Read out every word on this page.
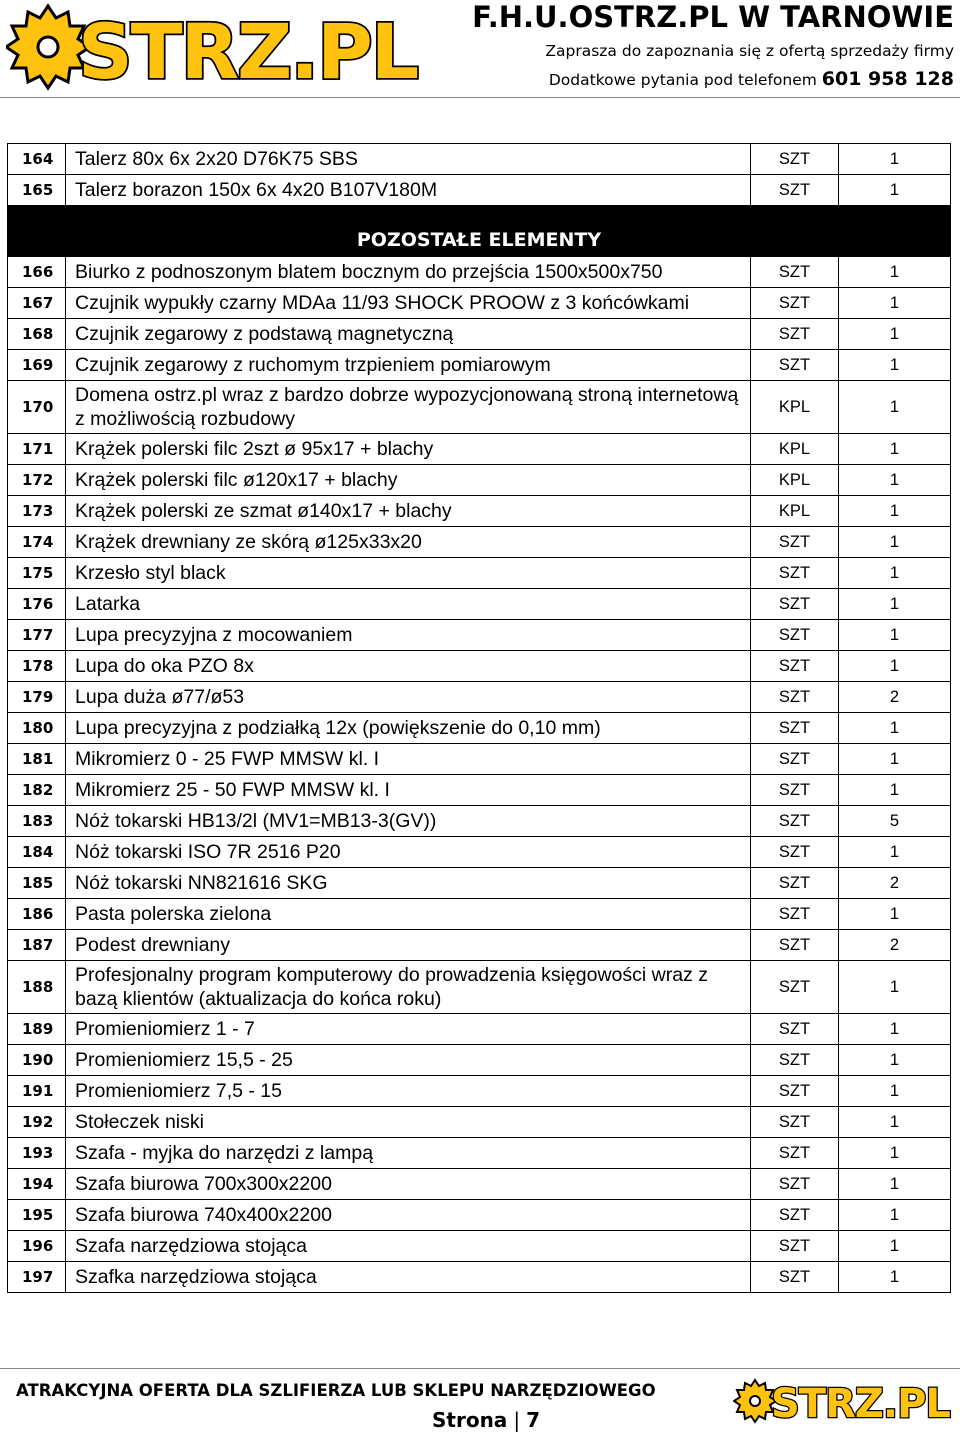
STRZ.PL F.H.U.OSTRZ.PL W TARNOWIE
Zaprasza do zapoznania się z ofertą sprzedaży firmy
Dodatkowe pytania pod telefonem 601 958 128
164	Talerz 80x 6x 2x20 D76K75 SBS	SZT	1
165	Talerz borazon 150x 6x 4x20 B107V180M	SZT	1
POZOSTAŁE ELEMENTY			
166	Biurko z podnoszonym blatem bocznym do przejścia 1500x500x750	SZT	1
167	Czujnik wypukły czarny MDAa 11/93 SHOCK PROOW z 3 końcówkami	SZT	1
168	Czujnik zegarowy z podstawą magnetyczną	SZT	1
169	Czujnik zegarowy z ruchomym trzpieniem pomiarowym	SZT	1
170	Domena ostrz.pl wraz z bardzo dobrze wypozycjonowaną stroną internetową z możliwością rozbudowy	KPL	1
171	Krążek polerski filc 2szt ø 95x17 + blachy	KPL	1
172	Krążek polerski filc ø120x17 + blachy	KPL	1
173	Krążek polerski ze szmat ø140x17 + blachy	KPL	1
174	Krążek drewniany ze skórą ø125x33x20	SZT	1
175	Krzesło styl black	SZT	1
176	Latarka	SZT	1
177	Lupa precyzyjna z mocowaniem	SZT	1
178	Lupa do oka PZO 8x	SZT	1
179	Lupa duża ø77/ø53	SZT	2
180	Lupa precyzyjna z podziałką 12x (powiększenie do 0,10 mm)	SZT	1
181	Mikromierz 0 - 25 FWP MMSW kl. I	SZT	1
182	Mikromierz 25 - 50 FWP MMSW kl. I	SZT	1
183	Nóż tokarski HB13/2l (MV1=MB13-3(GV))	SZT	5
184	Nóż tokarski ISO 7R 2516 P20	SZT	1
185	Nóż tokarski NN821616 SKG	SZT	2
186	Pasta polerska zielona	SZT	1
187	Podest drewniany	SZT	2
188	Profesjonalny program komputerowy do prowadzenia księgowości wraz z bazą klientów (aktualizacja do końca roku)	SZT	1
189	Promieniomierz 1 - 7	SZT	1
190	Promieniomierz 15,5 - 25	SZT	1
191	Promieniomierz 7,5 - 15	SZT	1
192	Stołeczek niski	SZT	1
193	Szafa - myjka do narzędzi z lampą	SZT	1
194	Szafa biurowa 700x300x2200	SZT	1
195	Szafa biurowa 740x400x2200	SZT	1
196	Szafa narzędziowa stojąca	SZT	1
197	Szafka narzędziowa stojąca	SZT	1
ATRAKCYJNA OFERTA DLA SZLIFIERZA LUB SKLEPU NARZĘDZIOWEGO
Strona | 7	STRZ.PL
